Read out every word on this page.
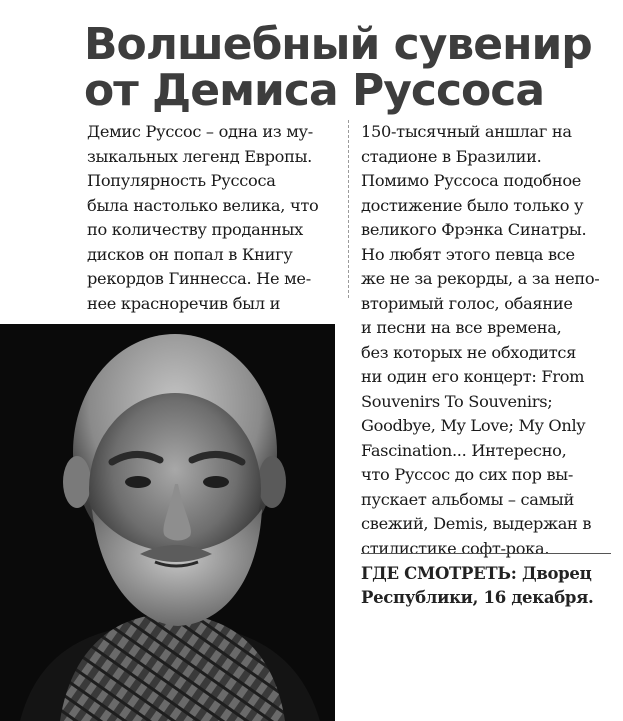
Волшебный сувенир
от Демиса Руссоса
Демис Руссос – одна из му-
зыкальных легенд Европы.
Популярность Руссоса
была настолько велика, что
по количеству проданных
дисков он попал в Книгу
рекордов Гиннесса. Не ме-
нее красноречив был и
150-тысячный аншлаг на
стадионе в Бразилии.
Помимо Руссоса подобное
достижение было только у
великого Фрэнка Синатры.
Но любят этого певца все
же не за рекорды, а за непо-
вторимый голос, обаяние
и песни на все времена,
без которых не обходится
ни один его концерт: From
Souvenirs To Souvenirs;
Goodbye, My Love; My Only
Fascination... Интересно,
что Руссос до сих пор вы-
пускает альбомы – самый
свежий, Demis, выдержан в
стилистике софт-рока.
ГДЕ СМОТРЕТЬ: Дворец
Республики, 16 декабря.
